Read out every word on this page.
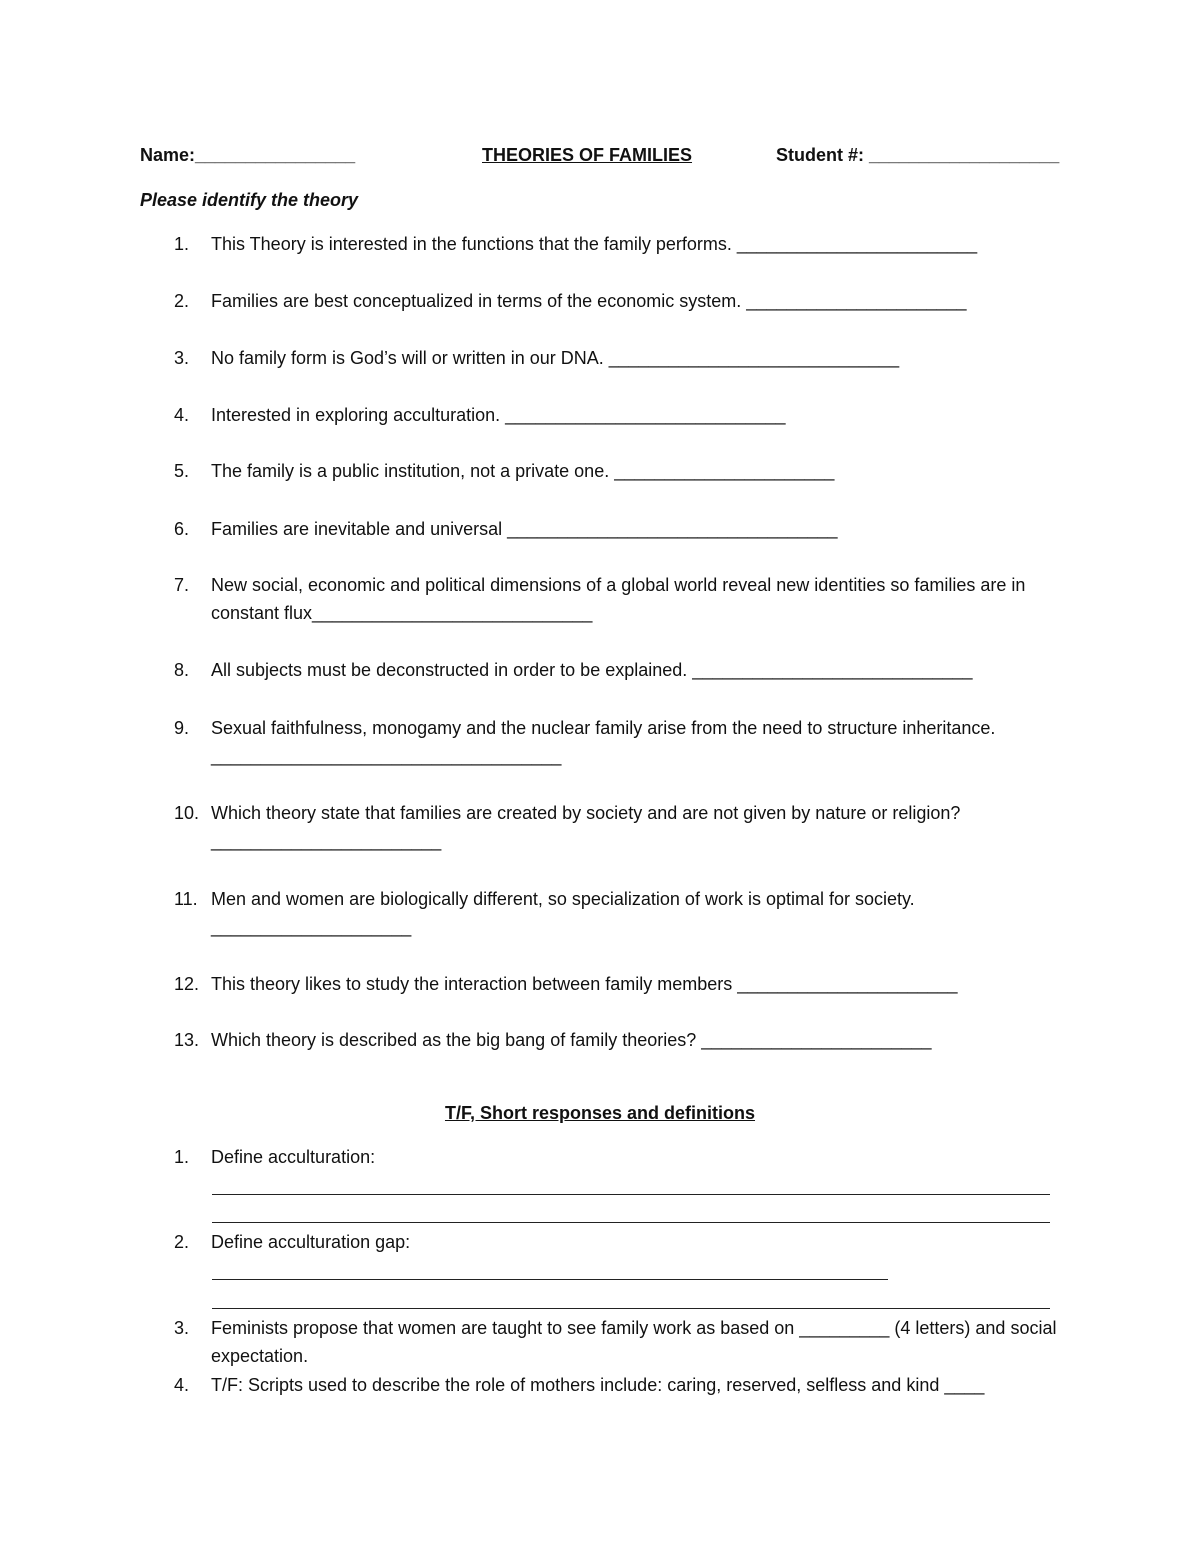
Name:________________	THEORIES OF FAMILIES	Student #: ___________________
Please identify the theory
1.	This Theory is interested in the functions that the family performs. ________________________
2.	Families are best conceptualized in terms of the economic system. ______________________
3.	No family form is God’s will or written in our DNA. _____________________________
4.	Interested in exploring acculturation. ____________________________
5.	The family is a public institution, not a private one. ______________________
6.	Families are inevitable and universal _________________________________
7.	New social, economic and political dimensions of a global world reveal new identities so families are in constant flux____________________________
8.	All subjects must be deconstructed in order to be explained. ____________________________
9.	Sexual faithfulness, monogamy and the nuclear family arise from the need to structure inheritance. ___________________________________
10. Which theory state that families are created by society and are not given by nature or religion? _______________________
11. Men and women are biologically different, so specialization of work is optimal for society. ____________________
12. This theory likes to study the interaction between family members ______________________
13. Which theory is described as the big bang of family theories? _______________________
T/F, Short responses and definitions
1.	Define acculturation:
2.	Define acculturation gap:
3.	Feminists propose that women are taught to see family work as based on _________ (4 letters) and social expectation.
4.	T/F: Scripts used to describe the role of mothers include: caring, reserved, selfless and kind ____
